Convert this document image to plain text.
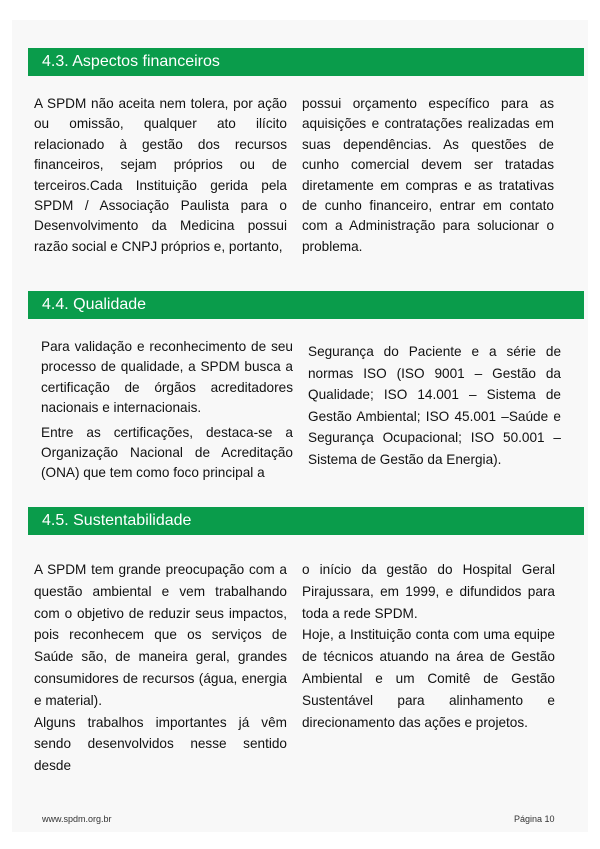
4.3. Aspectos financeiros

A SPDM não aceita nem tolera, por ação ou omissão, qualquer ato ilícito relacionado à gestão dos recursos financeiros, sejam próprios ou de terceiros.Cada Instituição gerida pela SPDM / Associação Paulista para o Desenvolvimento da Medicina possui razão social e CNPJ próprios e, portanto,

possui orçamento específico para as aquisições e contratações realizadas em suas dependências. As questões de cunho comercial devem ser tratadas diretamente em compras e as tratativas de cunho financeiro, entrar em contato com a Administração para solucionar o problema.

4.4. Qualidade

Para validação e reconhecimento de seu processo de qualidade, a SPDM busca a certificação de órgãos acreditadores nacionais e internacionais.

Entre as certificações, destaca-se a Organização Nacional de Acreditação (ONA) que tem como foco principal a

Segurança do Paciente e a série de normas ISO (ISO 9001 – Gestão da Qualidade; ISO 14.001 – Sistema de Gestão Ambiental; ISO 45.001 –Saúde e Segurança Ocupacional; ISO 50.001 – Sistema de Gestão da Energia).

4.5. Sustentabilidade

A SPDM tem grande preocupação com a questão ambiental e vem trabalhando com o objetivo de reduzir seus impactos, pois reconhecem que os serviços de Saúde são, de maneira geral, grandes consumidores de recursos (água, energia e material).

Alguns trabalhos importantes já vêm sendo desenvolvidos nesse sentido desde

o início da gestão do Hospital Geral Pirajussara, em 1999, e difundidos para toda a rede SPDM.

Hoje, a Instituição conta com uma equipe de técnicos atuando na área de Gestão Ambiental e um Comitê de Gestão Sustentável para alinhamento e direcionamento das ações e projetos.

www.spdm.org.br	Página 10
